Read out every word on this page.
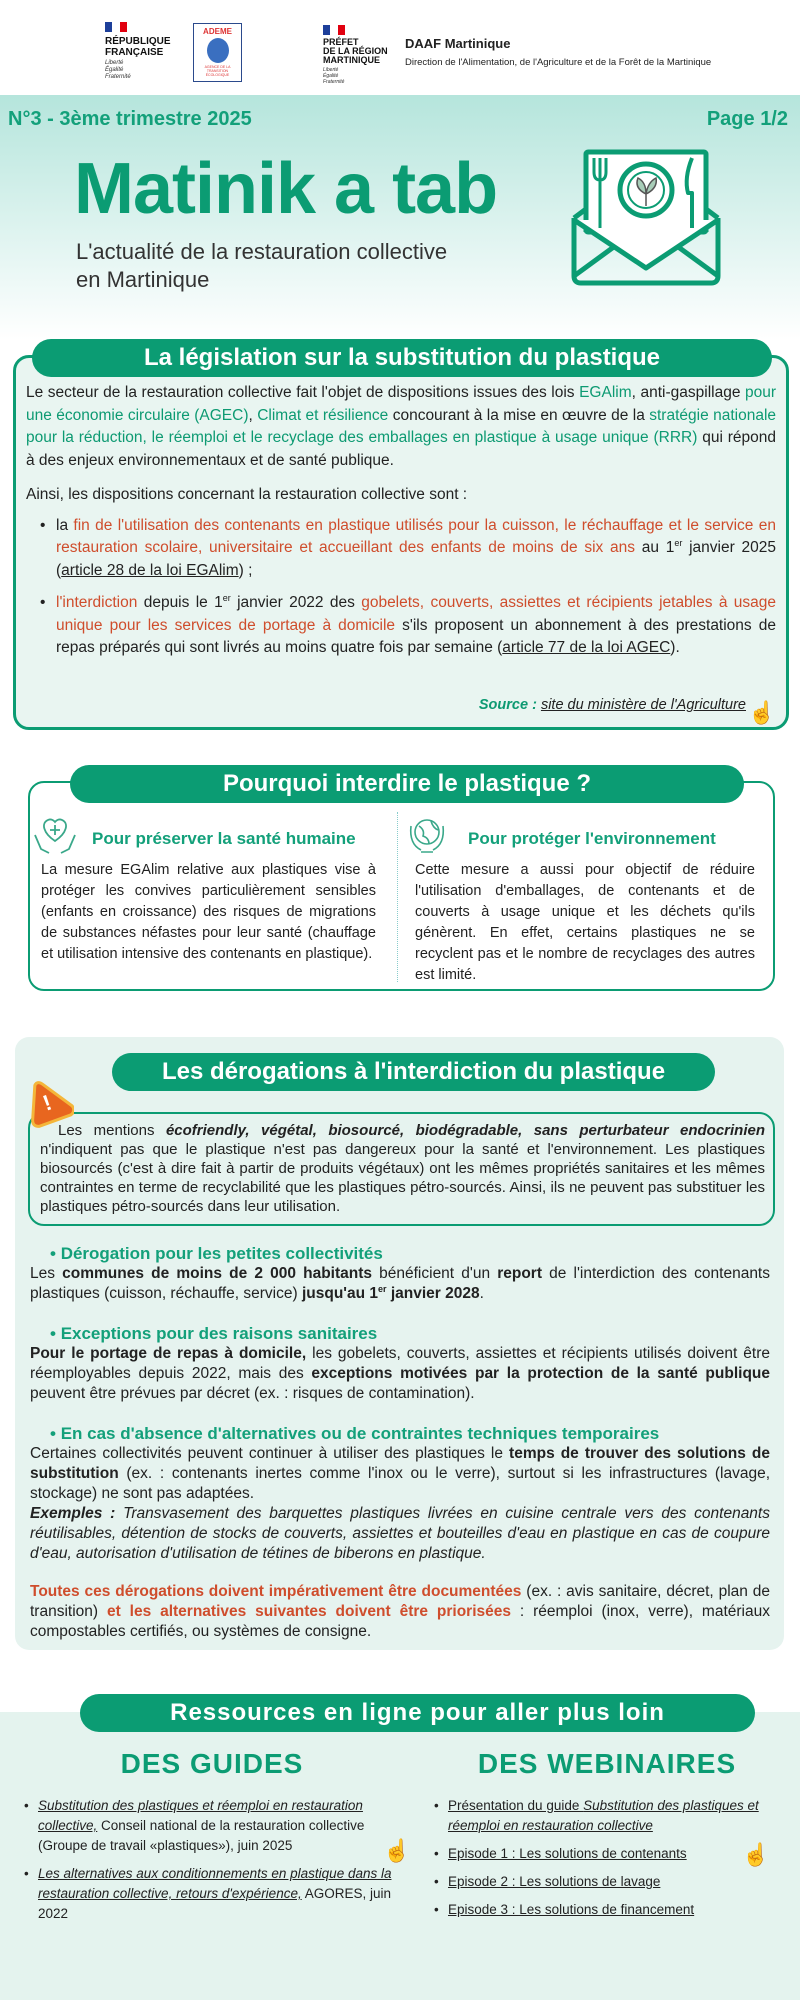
RÉPUBLIQUE
FRANÇAISE
Liberté
Égalité
Fraternité
ADEME
AGENCE DE LA
TRANSITION
ÉCOLOGIQUE
PRÉFET
DE LA RÉGION
MARTINIQUE
Liberté
Égalité
Fraternité
DAAF Martinique
Direction de l'Alimentation, de l'Agriculture et de la Forêt de la Martinique
N°3 - 3ème trimestre 2025	Page 1/2
Matinik a tab
L'actualité de la restauration collective
en Martinique
La législation sur la substitution du plastique

Le secteur de la restauration collective fait l'objet de dispositions issues des lois EGAlim, anti-gaspillage pour une économie circulaire (AGEC), Climat et résilience concourant à la mise en œuvre de la stratégie nationale pour la réduction, le réemploi et le recyclage des emballages en plastique à usage unique (RRR) qui répond à des enjeux environnementaux et de santé publique.

Ainsi, les dispositions concernant la restauration collective sont :

• la fin de l'utilisation des contenants en plastique utilisés pour la cuisson, le réchauffage et le service en restauration scolaire, universitaire et accueillant des enfants de moins de six ans au 1er janvier 2025 (article 28 de la loi EGAlim) ;
• l'interdiction depuis le 1er janvier 2022 des gobelets, couverts, assiettes et récipients jetables à usage unique pour les services de portage à domicile s'ils proposent un abonnement à des prestations de repas préparés qui sont livrés au moins quatre fois par semaine (article 77 de la loi AGEC).
Source : site du ministère de l'Agriculture ☝
Pourquoi interdire le plastique ?
Pour préserver la santé humaine
La mesure EGAlim relative aux plastiques vise à protéger les convives particulièrement sensibles (enfants en croissance) des risques de migrations de substances néfastes pour leur santé (chauffage et utilisation intensive des contenants en plastique).
Pour protéger l'environnement
Cette mesure a aussi pour objectif de réduire l'utilisation d'emballages, de contenants et de couverts à usage unique et les déchets qu'ils génèrent. En effet, certains plastiques ne se recyclent pas et le nombre de recyclages des autres est limité.
Les dérogations à l'interdiction du plastique
!
Les mentions écofriendly, végétal, biosourcé, biodégradable, sans perturbateur endocrinien n'indiquent pas que le plastique n'est pas dangereux pour la santé et l'environnement. Les plastiques biosourcés (c'est à dire fait à partir de produits végétaux) ont les mêmes propriétés sanitaires et les mêmes contraintes en terme de recyclabilité que les plastiques pétro-sourcés. Ainsi, ils ne peuvent pas substituer les plastiques pétro-sourcés dans leur utilisation.
• Dérogation pour les petites collectivités
Les communes de moins de 2 000 habitants bénéficient d'un report de l'interdiction des contenants plastiques (cuisson, réchauffe, service) jusqu'au 1er janvier 2028.
• Exceptions pour des raisons sanitaires
Pour le portage de repas à domicile, les gobelets, couverts, assiettes et récipients utilisés doivent être réemployables depuis 2022, mais des exceptions motivées par la protection de la santé publique peuvent être prévues par décret (ex. : risques de contamination).
• En cas d'absence d'alternatives ou de contraintes techniques temporaires
Certaines collectivités peuvent continuer à utiliser des plastiques le temps de trouver des solutions de substitution (ex. : contenants inertes comme l'inox ou le verre), surtout si les infrastructures (lavage, stockage) ne sont pas adaptées.
Exemples : Transvasement des barquettes plastiques livrées en cuisine centrale vers des contenants réutilisables, détention de stocks de couverts, assiettes et bouteilles d'eau en plastique en cas de coupure d'eau, autorisation d'utilisation de tétines de biberons en plastique.
Toutes ces dérogations doivent impérativement être documentées (ex. : avis sanitaire, décret, plan de transition) et les alternatives suivantes doivent être priorisées : réemploi (inox, verre), matériaux compostables certifiés, ou systèmes de consigne.
Ressources en ligne pour aller plus loin
DES GUIDES
• Substitution des plastiques et réemploi en restauration collective, Conseil national de la restauration collective (Groupe de travail «plastiques»), juin 2025
• Les alternatives aux conditionnements en plastique dans la restauration collective, retours d'expérience, AGORES, juin 2022
☝
DES WEBINAIRES
• Présentation du guide Substitution des plastiques et réemploi en restauration collective
• Episode 1 : Les solutions de contenants
• Episode 2 : Les solutions de lavage
• Episode 3 : Les solutions de financement
☝
